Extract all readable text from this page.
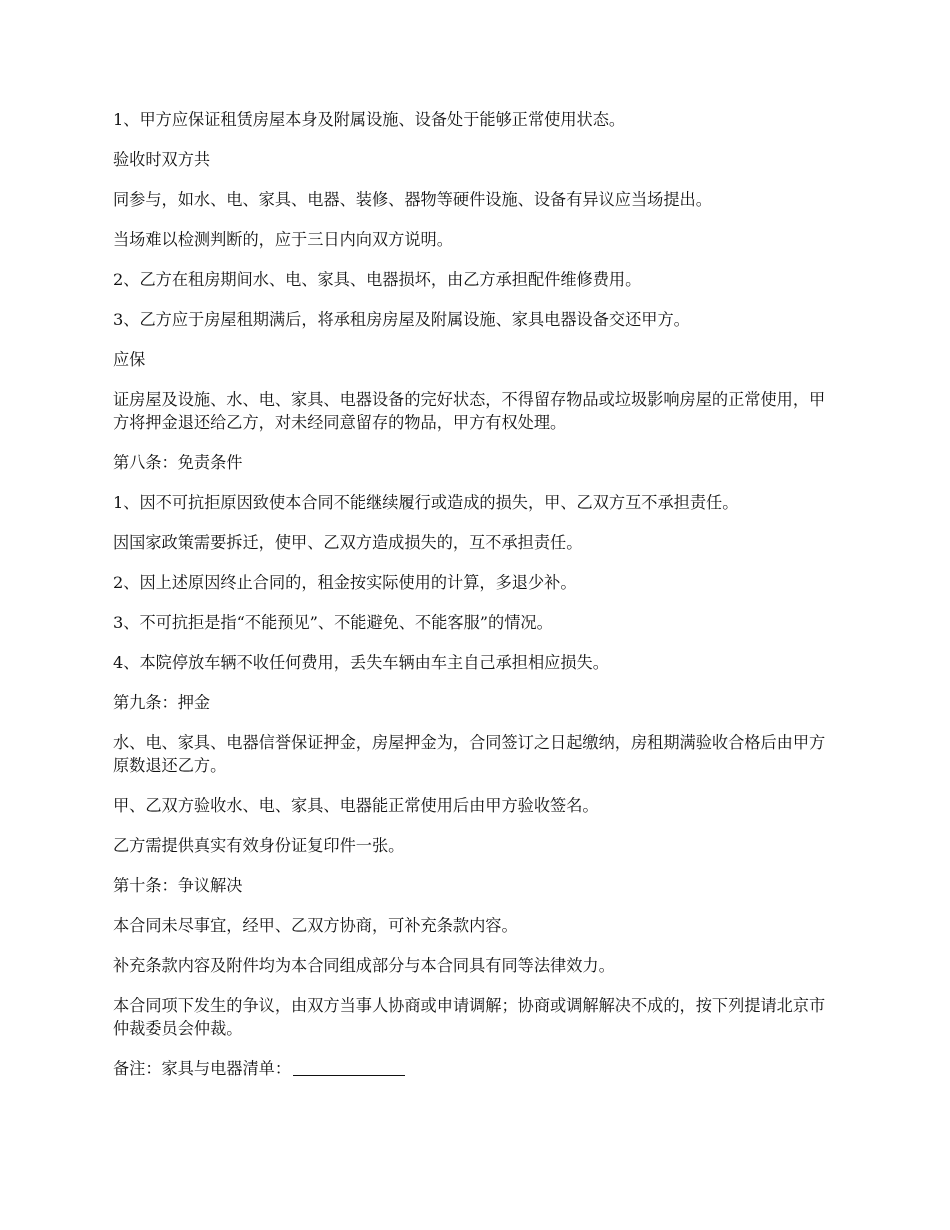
1、甲方应保证租赁房屋本身及附属设施、设备处于能够正常使用状态。

验收时双方共

同参与，如水、电、家具、电器、装修、器物等硬件设施、设备有异议应当场提出。

当场难以检测判断的，应于三日内向双方说明。

2、乙方在租房期间水、电、家具、电器损坏，由乙方承担配件维修费用。

3、乙方应于房屋租期满后，将承租房房屋及附属设施、家具电器设备交还甲方。

应保

证房屋及设施、水、电、家具、电器设备的完好状态，不得留存物品或垃圾影响房屋的正常使用，甲方将押金退还给乙方，对未经同意留存的物品，甲方有权处理。

第八条：免责条件

1、因不可抗拒原因致使本合同不能继续履行或造成的损失，甲、乙双方互不承担责任。

因国家政策需要拆迁，使甲、乙双方造成损失的，互不承担责任。

2、因上述原因终止合同的，租金按实际使用的计算，多退少补。

3、不可抗拒是指“不能预见”、不能避免、不能客服”的情况。

4、本院停放车辆不收任何费用，丢失车辆由车主自己承担相应损失。

第九条：押金

水、电、家具、电器信誉保证押金，房屋押金为，合同签订之日起缴纳，房租期满验收合格后由甲方原数退还乙方。

甲、乙双方验收水、电、家具、电器能正常使用后由甲方验收签名。

乙方需提供真实有效身份证复印件一张。

第十条：争议解决

本合同未尽事宜，经甲、乙双方协商，可补充条款内容。

补充条款内容及附件均为本合同组成部分与本合同具有同等法律效力。

本合同项下发生的争议，由双方当事人协商或申请调解；协商或调解解决不成的，按下列提请北京市仲裁委员会仲裁。

备注：家具与电器清单：
